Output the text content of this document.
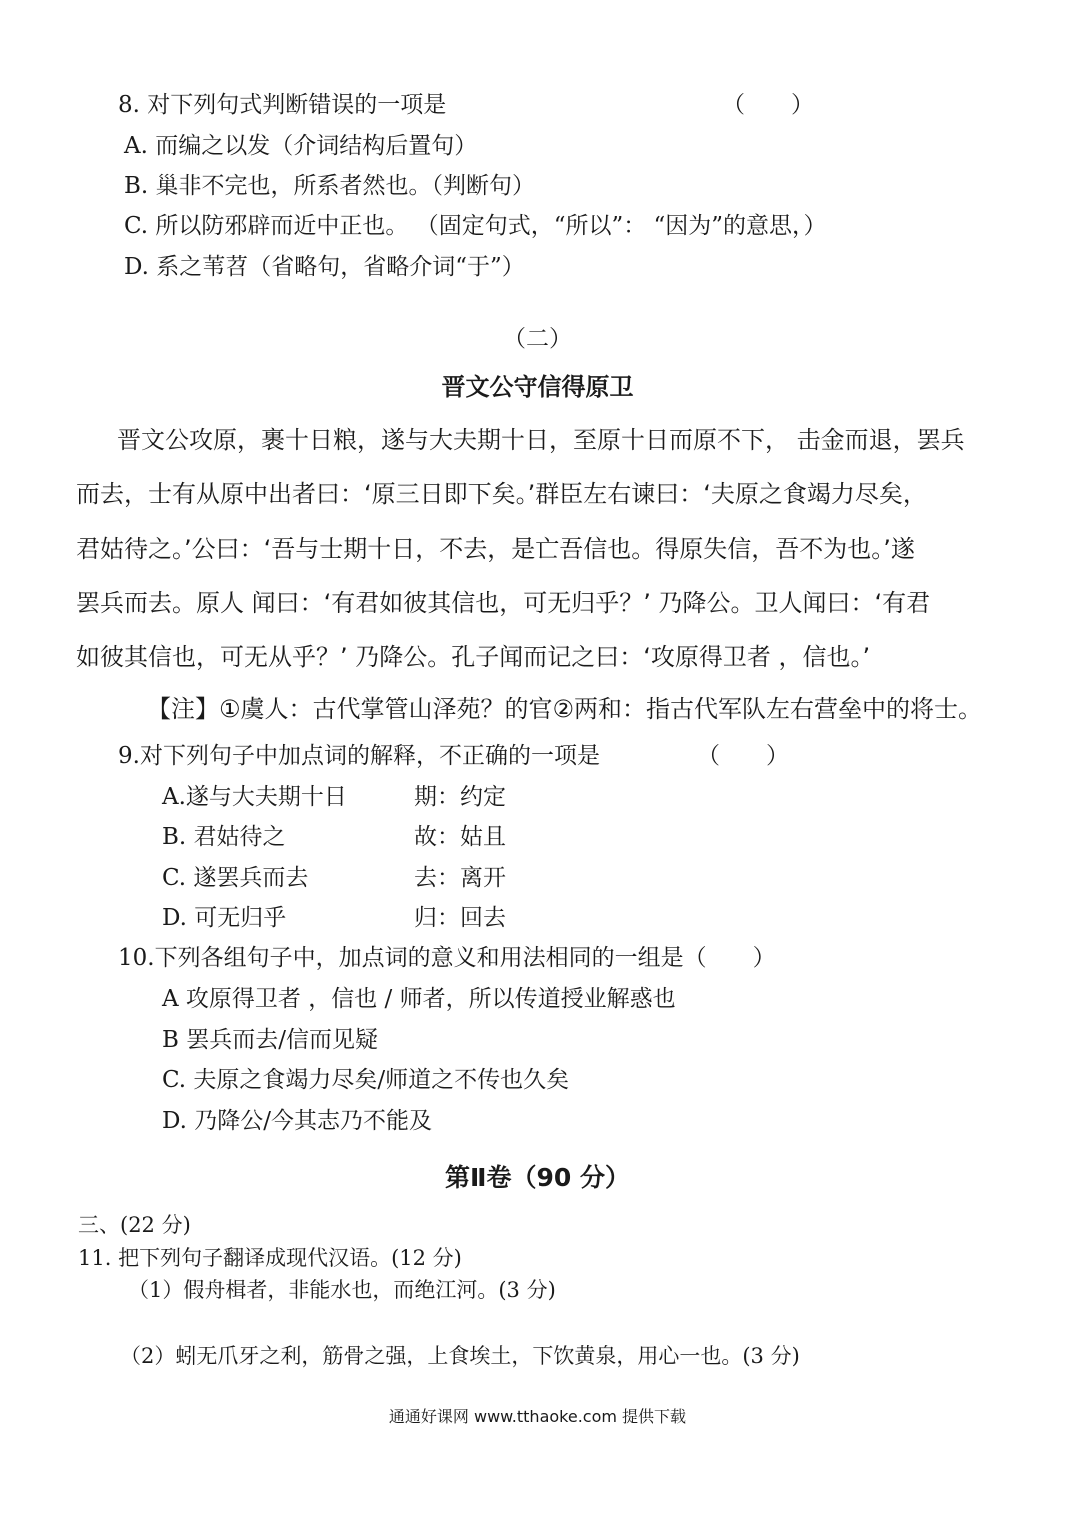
8. 对下列句式判断错误的一项是	（　　）
A. 而编之以发（介词结构后置句）
B. 巢非不完也，所系者然也。（判断句）
C. 所以防邪辟而近中正也。 （固定句式，“所以”： “因为”的意思，）
D. 系之苇苕（省略句，省略介词“于”）
（二）
晋文公守信得原卫
晋文公攻原，裹十日粮，遂与大夫期十日，至原十日而原不下， 击金而退，罢兵
而去，士有从原中出者曰：‘原三日即下矣。’群臣左右谏曰：‘夫原之食竭力尽矣，
君姑待之。’公曰：‘吾与士期十日，不去，是亡吾信也。得原失信，吾不为也。’遂
罢兵而去。原人 闻曰：‘有君如彼其信也，可无归乎？’ 乃降公。卫人闻曰：‘有君
如彼其信也，可无从乎？’ 乃降公。孔子闻而记之曰：‘攻原得卫者 ，信也。’
【注】①虞人：古代掌管山泽苑？的官②两和：指古代军队左右营垒中的将士。
9.对下列句子中加点词的解释，不正确的一项是	（　　）
A.遂与大夫期十日	期：约定
B. 君姑待之	故：姑且
C. 遂罢兵而去	去：离开
D. 可无归乎	归：回去
10.下列各组句子中，加点词的意义和用法相同的一组是（　　）
A 攻原得卫者 ，信也 / 师者，所以传道授业解惑也
B 罢兵而去/信而见疑
C. 夫原之食竭力尽矣/师道之不传也久矣
D. 乃降公/今其志乃不能及
第Ⅱ卷（90 分）
三、(22 分)
11. 把下列句子翻译成现代汉语。(12 分)
（1）假舟楫者，非能水也，而绝江河。(3 分)
（2）蚓无爪牙之利，筋骨之强，上食埃土，下饮黄泉，用心一也。(3 分)
通通好课网 www.tthaoke.com 提供下载
